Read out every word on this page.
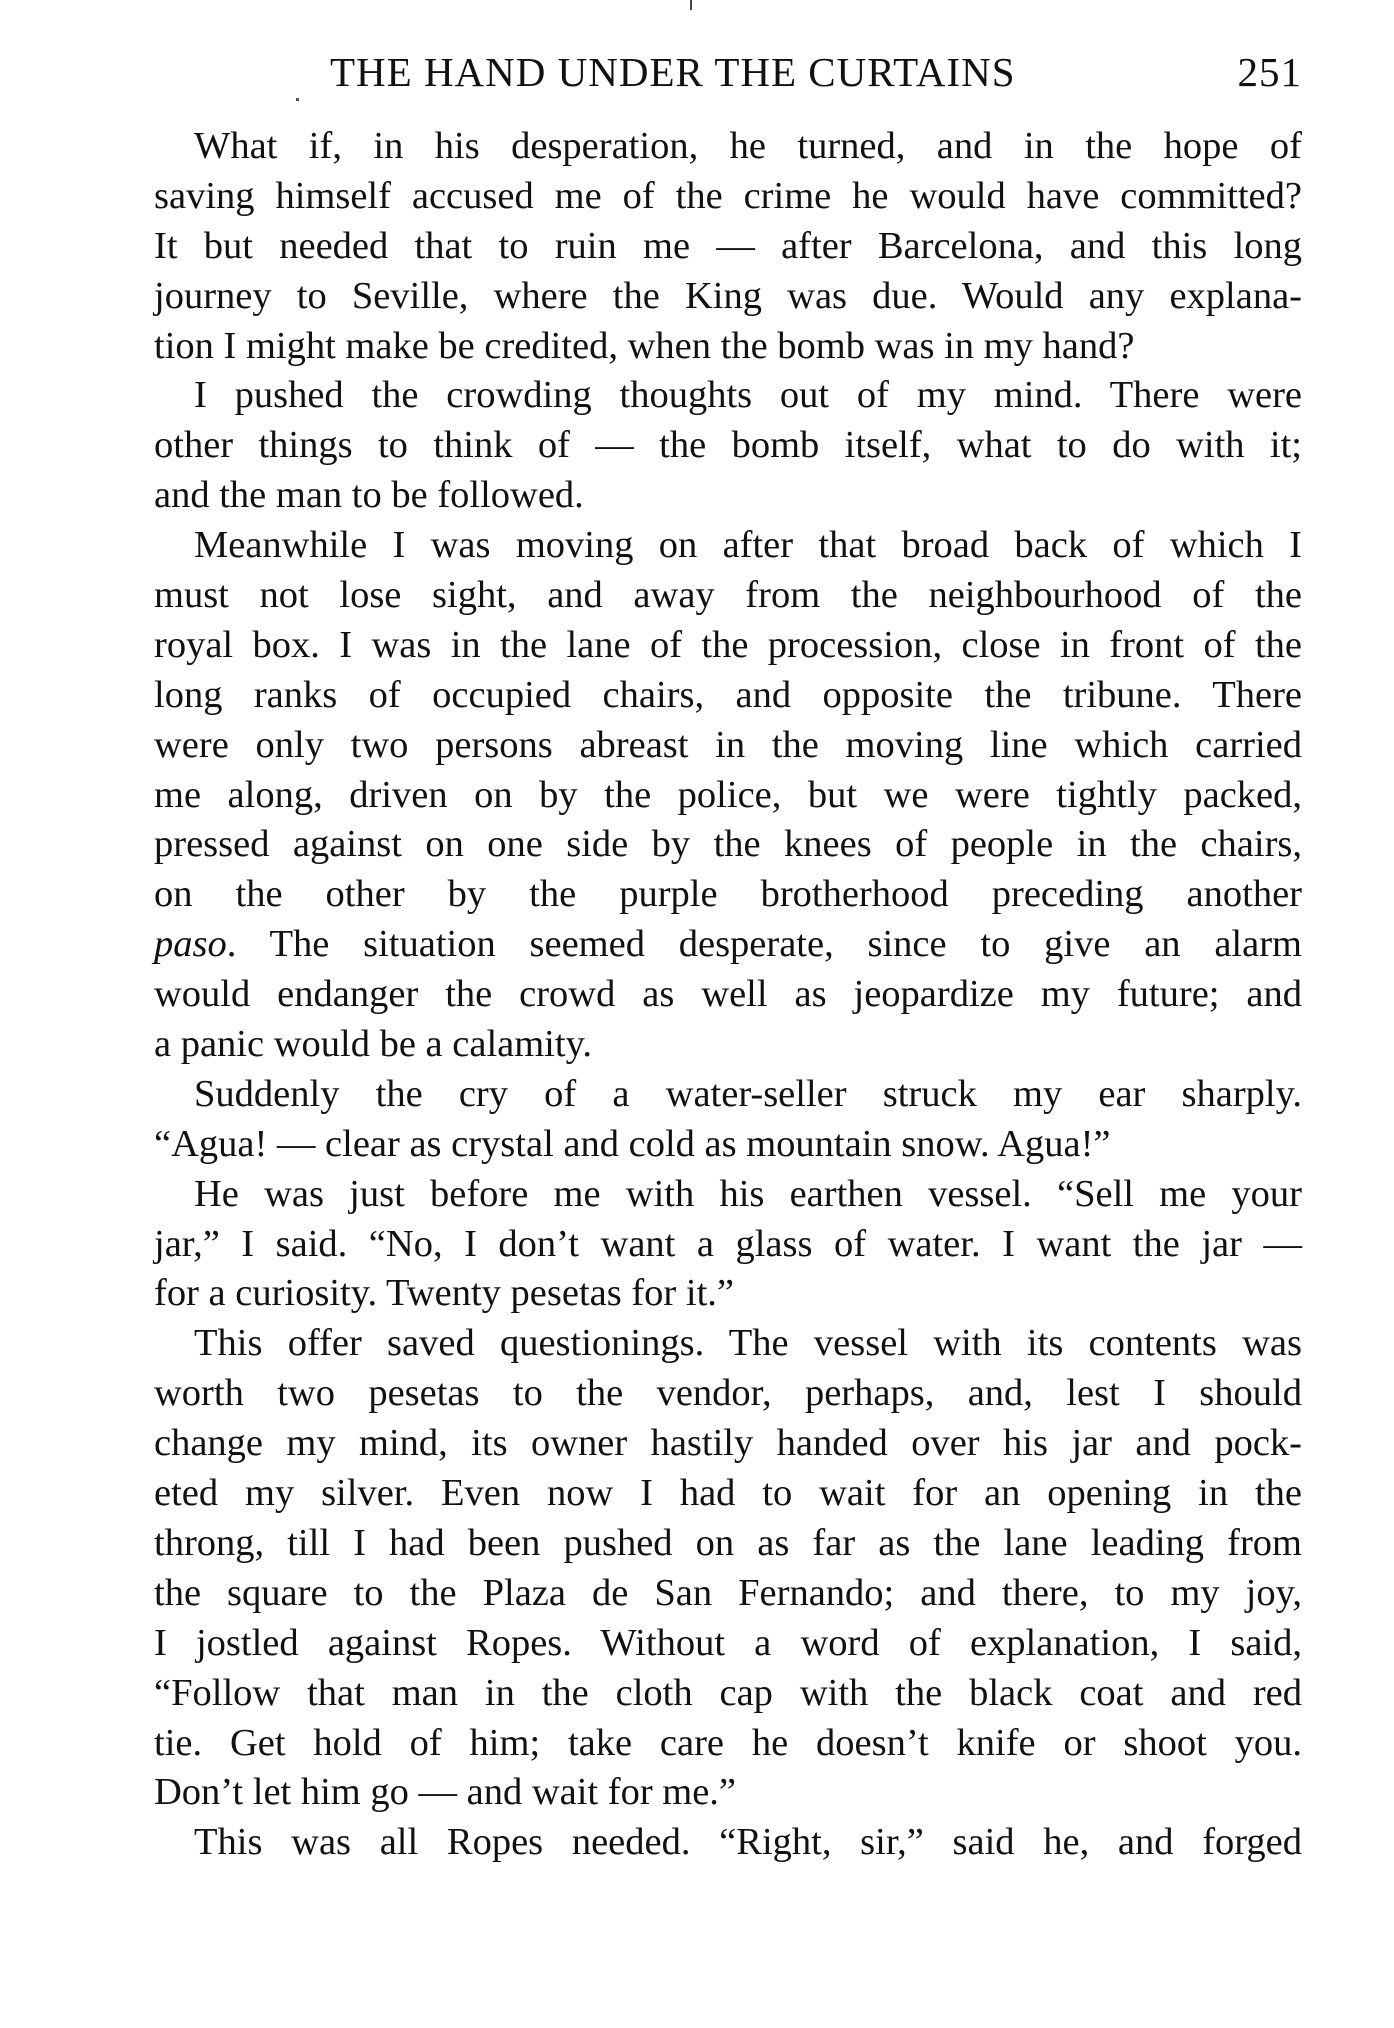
THE HAND UNDER THE CURTAINS	251
What if, in his desperation, he turned, and in the hope of
saving himself accused me of the crime he would have committed?
It but needed that to ruin me — after Barcelona, and this long
journey to Seville, where the King was due. Would any explana-
tion I might make be credited, when the bomb was in my hand?
I pushed the crowding thoughts out of my mind. There were
other things to think of — the bomb itself, what to do with it;
and the man to be followed.
Meanwhile I was moving on after that broad back of which I
must not lose sight, and away from the neighbourhood of the
royal box. I was in the lane of the procession, close in front of the
long ranks of occupied chairs, and opposite the tribune. There
were only two persons abreast in the moving line which carried
me along, driven on by the police, but we were tightly packed,
pressed against on one side by the knees of people in the chairs,
on the other by the purple brotherhood preceding another
paso. The situation seemed desperate, since to give an alarm
would endanger the crowd as well as jeopardize my future; and
a panic would be a calamity.
Suddenly the cry of a water-seller struck my ear sharply.
“Agua! — clear as crystal and cold as mountain snow. Agua!”
He was just before me with his earthen vessel. “Sell me your
jar,” I said. “No, I don’t want a glass of water. I want the jar —
for a curiosity. Twenty pesetas for it.”
This offer saved questionings. The vessel with its contents was
worth two pesetas to the vendor, perhaps, and, lest I should
change my mind, its owner hastily handed over his jar and pock-
eted my silver. Even now I had to wait for an opening in the
throng, till I had been pushed on as far as the lane leading from
the square to the Plaza de San Fernando; and there, to my joy,
I jostled against Ropes. Without a word of explanation, I said,
“Follow that man in the cloth cap with the black coat and red
tie. Get hold of him; take care he doesn’t knife or shoot you.
Don’t let him go — and wait for me.”
This was all Ropes needed. “Right, sir,” said he, and forged
